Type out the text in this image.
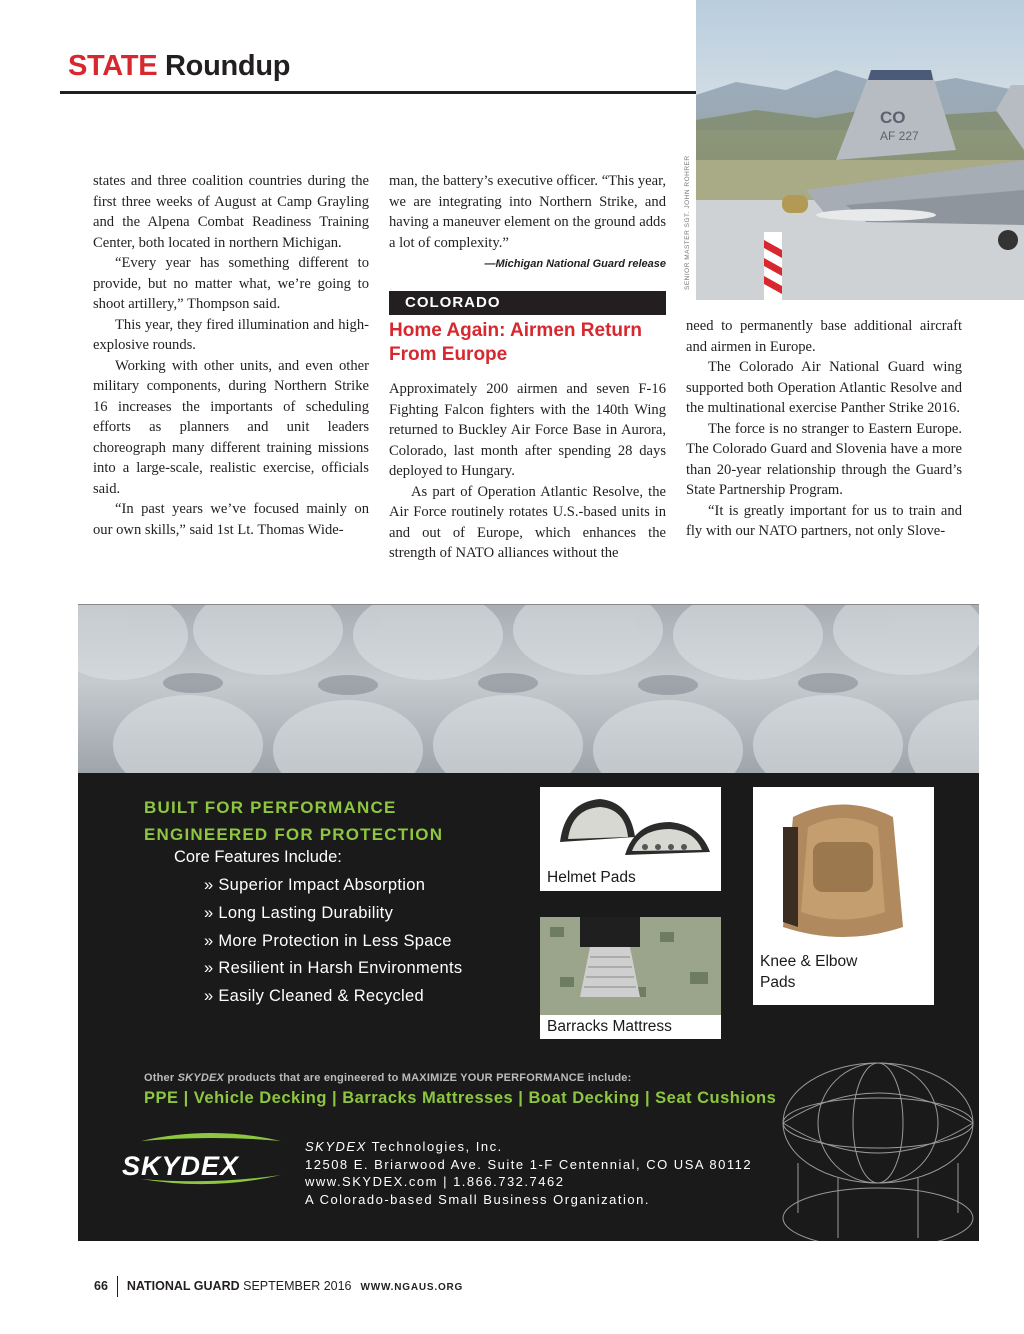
STATE Roundup
CO
AF 227
SENIOR MASTER SGT. JOHN ROHRER

states and three coalition countries during the first three weeks of August at Camp Grayling and the Alpena Combat Readiness Training Center, both located in northern Michigan.

“Every year has something different to provide, but no matter what, we’re going to shoot artillery,” Thompson said.

This year, they fired illumination and high-explosive rounds.

Working with other units, and even other military components, during Northern Strike 16 increases the importants of scheduling efforts as planners and unit leaders choreograph many different training missions into a large-scale, realistic exercise, officials said.

“In past years we’ve focused mainly on our own skills,” said 1st Lt. Thomas Wide-

man, the battery’s executive officer. “This year, we are integrating into Northern Strike, and having a maneuver element on the ground adds a lot of complexity.”

—Michigan National Guard release

COLORADO
Home Again: Airmen Return From Europe

Approximately 200 airmen and seven F-16 Fighting Falcon fighters with the 140th Wing returned to Buckley Air Force Base in Aurora, Colorado, last month after spending 28 days deployed to Hungary.

As part of Operation Atlantic Resolve, the Air Force routinely rotates U.S.-based units in and out of Europe, which enhances the strength of NATO alliances without the

need to permanently base additional aircraft and airmen in Europe.

The Colorado Air National Guard wing supported both Operation Atlantic Resolve and the multinational exercise Panther Strike 2016.

The force is no stranger to Eastern Europe. The Colorado Guard and Slovenia have a more than 20-year relationship through the Guard’s State Partnership Program.

“It is greatly important for us to train and fly with our NATO partners, not only Slove-

BUILT FOR PERFORMANCE
ENGINEERED FOR PROTECTION
Core Features Include:
» Superior Impact Absorption
» Long Lasting Durability
» More Protection in Less Space
» Resilient in Harsh Environments
» Easily Cleaned & Recycled
Helmet Pads
Barracks Mattress
Knee & Elbow
Pads
Other SKYDEX products that are engineered to MAXIMIZE YOUR PERFORMANCE include:
PPE | Vehicle Decking | Barracks Mattresses | Boat Decking | Seat Cushions
SKYDEX
SKYDEX Technologies, Inc.
12508 E. Briarwood Ave. Suite 1-F Centennial, CO USA 80112
www.SKYDEX.com | 1.866.732.7462
A Colorado-based Small Business Organization.
66 NATIONAL GUARD SEPTEMBER 2016 WWW.NGAUS.ORG
